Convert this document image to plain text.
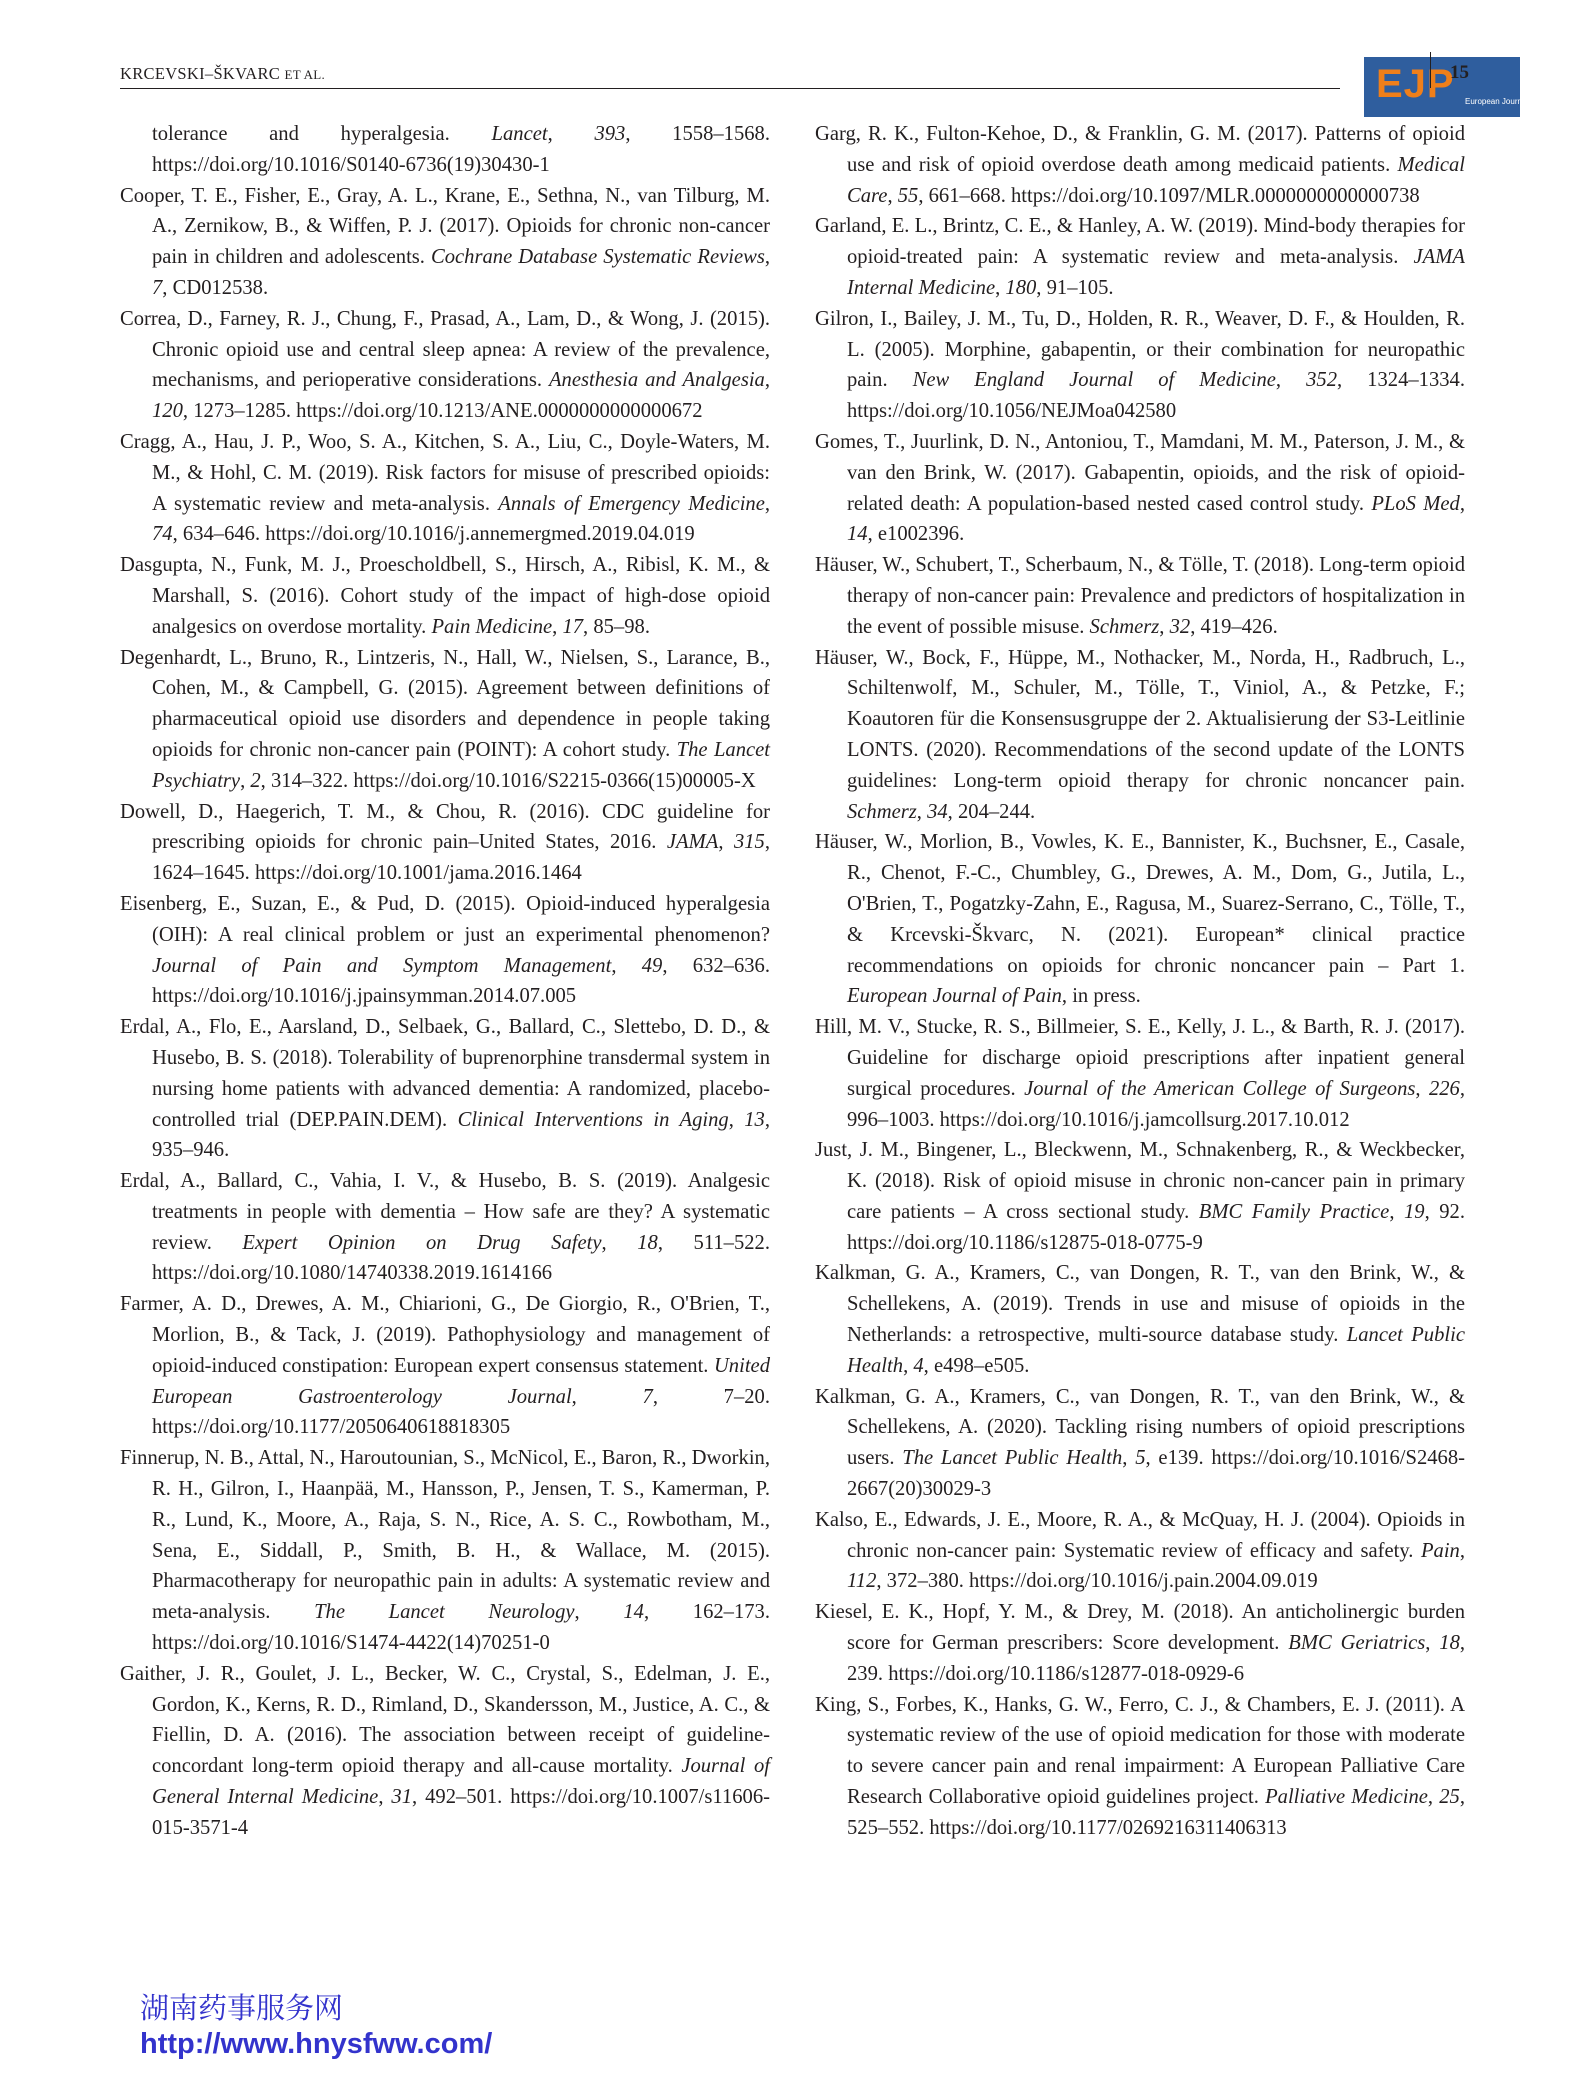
KRCEVSKI–ŠKVARC ET AL.	EJP European Journal of Pain
15

tolerance and hyperalgesia. Lancet, 393, 1558–1568. https://doi.org/10.1016/S0140-6736(19)30430-1

Cooper, T. E., Fisher, E., Gray, A. L., Krane, E., Sethna, N., van Tilburg, M. A., Zernikow, B., & Wiffen, P. J. (2017). Opioids for chronic non-cancer pain in children and adolescents. Cochrane Database Systematic Reviews, 7, CD012538.

Correa, D., Farney, R. J., Chung, F., Prasad, A., Lam, D., & Wong, J. (2015). Chronic opioid use and central sleep apnea: A review of the prevalence, mechanisms, and perioperative considerations. Anesthesia and Analgesia, 120, 1273–1285. https://doi.org/10.1213/ANE.0000000000000672

Cragg, A., Hau, J. P., Woo, S. A., Kitchen, S. A., Liu, C., Doyle-Waters, M. M., & Hohl, C. M. (2019). Risk factors for misuse of prescribed opioids: A systematic review and meta-analysis. Annals of Emergency Medicine, 74, 634–646. https://doi.org/10.1016/j.annemergmed.2019.04.019

Dasgupta, N., Funk, M. J., Proescholdbell, S., Hirsch, A., Ribisl, K. M., & Marshall, S. (2016). Cohort study of the impact of high-dose opioid analgesics on overdose mortality. Pain Medicine, 17, 85–98.

Degenhardt, L., Bruno, R., Lintzeris, N., Hall, W., Nielsen, S., Larance, B., Cohen, M., & Campbell, G. (2015). Agreement between definitions of pharmaceutical opioid use disorders and dependence in people taking opioids for chronic non-cancer pain (POINT): A cohort study. The Lancet Psychiatry, 2, 314–322. https://doi.org/10.1016/S2215-0366(15)00005-X

Dowell, D., Haegerich, T. M., & Chou, R. (2016). CDC guideline for prescribing opioids for chronic pain–United States, 2016. JAMA, 315, 1624–1645. https://doi.org/10.1001/jama.2016.1464

Eisenberg, E., Suzan, E., & Pud, D. (2015). Opioid-induced hyperalgesia (OIH): A real clinical problem or just an experimental phenomenon? Journal of Pain and Symptom Management, 49, 632–636. https://doi.org/10.1016/j.jpainsymman.2014.07.005

Erdal, A., Flo, E., Aarsland, D., Selbaek, G., Ballard, C., Slettebo, D. D., & Husebo, B. S. (2018). Tolerability of buprenorphine transdermal system in nursing home patients with advanced dementia: A randomized, placebo-controlled trial (DEP.PAIN.DEM). Clinical Interventions in Aging, 13, 935–946.

Erdal, A., Ballard, C., Vahia, I. V., & Husebo, B. S. (2019). Analgesic treatments in people with dementia – How safe are they? A systematic review. Expert Opinion on Drug Safety, 18, 511–522. https://doi.org/10.1080/14740338.2019.1614166

Farmer, A. D., Drewes, A. M., Chiarioni, G., De Giorgio, R., O'Brien, T., Morlion, B., & Tack, J. (2019). Pathophysiology and management of opioid-induced constipation: European expert consensus statement. United European Gastroenterology Journal, 7, 7–20. https://doi.org/10.1177/2050640618818305

Finnerup, N. B., Attal, N., Haroutounian, S., McNicol, E., Baron, R., Dworkin, R. H., Gilron, I., Haanpää, M., Hansson, P., Jensen, T. S., Kamerman, P. R., Lund, K., Moore, A., Raja, S. N., Rice, A. S. C., Rowbotham, M., Sena, E., Siddall, P., Smith, B. H., & Wallace, M. (2015). Pharmacotherapy for neuropathic pain in adults: A systematic review and meta-analysis. The Lancet Neurology, 14, 162–173. https://doi.org/10.1016/S1474-4422(14)70251-0

Gaither, J. R., Goulet, J. L., Becker, W. C., Crystal, S., Edelman, J. E., Gordon, K., Kerns, R. D., Rimland, D., Skandersson, M., Justice, A. C., & Fiellin, D. A. (2016). The association between receipt of guideline-concordant long-term opioid therapy and all-cause mortality. Journal of General Internal Medicine, 31, 492–501. https://doi.org/10.1007/s11606-015-3571-4

Garg, R. K., Fulton-Kehoe, D., & Franklin, G. M. (2017). Patterns of opioid use and risk of opioid overdose death among medicaid patients. Medical Care, 55, 661–668. https://doi.org/10.1097/MLR.0000000000000738

Garland, E. L., Brintz, C. E., & Hanley, A. W. (2019). Mind-body therapies for opioid-treated pain: A systematic review and meta-analysis. JAMA Internal Medicine, 180, 91–105.

Gilron, I., Bailey, J. M., Tu, D., Holden, R. R., Weaver, D. F., & Houlden, R. L. (2005). Morphine, gabapentin, or their combination for neuropathic pain. New England Journal of Medicine, 352, 1324–1334. https://doi.org/10.1056/NEJMoa042580

Gomes, T., Juurlink, D. N., Antoniou, T., Mamdani, M. M., Paterson, J. M., & van den Brink, W. (2017). Gabapentin, opioids, and the risk of opioid- related death: A population-based nested cased control study. PLoS Med, 14, e1002396.

Häuser, W., Schubert, T., Scherbaum, N., & Tölle, T. (2018). Long-term opioid therapy of non-cancer pain: Prevalence and predictors of hospitalization in the event of possible misuse. Schmerz, 32, 419–426.

Häuser, W., Bock, F., Hüppe, M., Nothacker, M., Norda, H., Radbruch, L., Schiltenwolf, M., Schuler, M., Tölle, T., Viniol, A., & Petzke, F.; Koautoren für die Konsensusgruppe der 2. Aktualisierung der S3-Leitlinie LONTS. (2020). Recommendations of the second update of the LONTS guidelines: Long-term opioid therapy for chronic noncancer pain. Schmerz, 34, 204–244.

Häuser, W., Morlion, B., Vowles, K. E., Bannister, K., Buchsner, E., Casale, R., Chenot, F.-C., Chumbley, G., Drewes, A. M., Dom, G., Jutila, L., O'Brien, T., Pogatzky-Zahn, E., Ragusa, M., Suarez-Serrano, C., Tölle, T., & Krcevski-Škvarc, N. (2021). European* clinical practice recommendations on opioids for chronic noncancer pain – Part 1. European Journal of Pain, in press.

Hill, M. V., Stucke, R. S., Billmeier, S. E., Kelly, J. L., & Barth, R. J. (2017). Guideline for discharge opioid prescriptions after inpatient general surgical procedures. Journal of the American College of Surgeons, 226, 996–1003. https://doi.org/10.1016/j.jamcollsurg.2017.10.012

Just, J. M., Bingener, L., Bleckwenn, M., Schnakenberg, R., & Weckbecker, K. (2018). Risk of opioid misuse in chronic non-cancer pain in primary care patients – A cross sectional study. BMC Family Practice, 19, 92. https://doi.org/10.1186/s12875-018-0775-9

Kalkman, G. A., Kramers, C., van Dongen, R. T., van den Brink, W., & Schellekens, A. (2019). Trends in use and misuse of opioids in the Netherlands: a retrospective, multi-source database study. Lancet Public Health, 4, e498–e505.

Kalkman, G. A., Kramers, C., van Dongen, R. T., van den Brink, W., & Schellekens, A. (2020). Tackling rising numbers of opioid prescriptions users. The Lancet Public Health, 5, e139. https://doi.org/10.1016/S2468-2667(20)30029-3

Kalso, E., Edwards, J. E., Moore, R. A., & McQuay, H. J. (2004). Opioids in chronic non-cancer pain: Systematic review of efficacy and safety. Pain, 112, 372–380. https://doi.org/10.1016/j.pain.2004.09.019

Kiesel, E. K., Hopf, Y. M., & Drey, M. (2018). An anticholinergic burden score for German prescribers: Score development. BMC Geriatrics, 18, 239. https://doi.org/10.1186/s12877-018-0929-6

King, S., Forbes, K., Hanks, G. W., Ferro, C. J., & Chambers, E. J. (2011). A systematic review of the use of opioid medication for those with moderate to severe cancer pain and renal impairment: A European Palliative Care Research Collaborative opioid guidelines project. Palliative Medicine, 25, 525–552. https://doi.org/10.1177/0269216311406313

湖南药事服务网
http://www.hnysfww.com/
